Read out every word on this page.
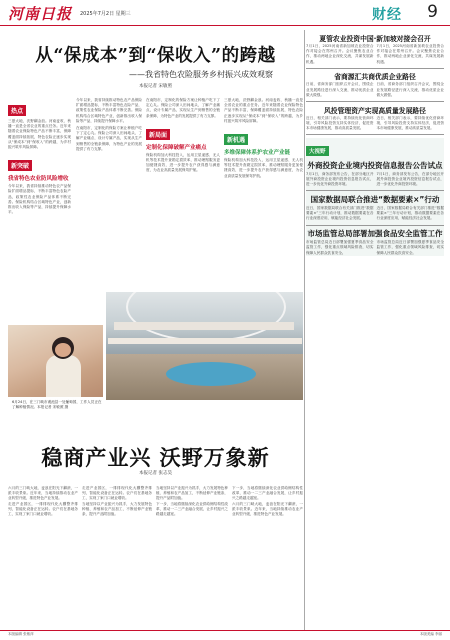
河南日报 2025年7月2日 星期三	财经 9
从“保成本”到“保收入”的跨越
——我省特色农险服务乡村振兴成效观察
本报记者 宋敏照
热点
三夏大地，沃野翻金浪。河南麦收、秋播一直是全省农业的重点任务。近年来随着农业保险特色产品不断丰富，保障覆盖面持续拓展，特色农险正逐步实现从“保成本”到“保收入”的跨越，为乡村振兴筑牢风险屏障。
新突破
我省特色农业防风险增收
今年以来，我省持续推动特色农产品保险扩面增品提标，不断丰富特色农险产品，政策性农业保险产品体系不断完善。保险机构结合区域特色产业，创新推出收入保险等产品，持续提升保障水平。
今年以来，我省持续推动特色农产品保险扩面增品提标，不断丰富特色农险产品，政策性农业保险产品体系不断完善。保险机构结合区域特色产业，创新推出收入保险等产品，持续提升保障水平。
在南阳市，定制化的保险方案让种植户吃下了定心丸。保险公司深入田间地头，了解产业痛点，设计专属产品，实现从生产到销售的全链条保障，为特色产业的发展提供了有力支撑。
在南阳市，定制化的保险方案让种植户吃下了定心丸。保险公司深入田间地头，了解产业痛点，设计专属产品，实现从生产到销售的全链条保障，为特色产业的发展提供了有力支撑。
新局面
定制化保障破解产业痛点
保险机构加大科技投入，运用卫星遥感、无人机等技术提升查勘定损效率，推动理赔服务更加便捷高效，进一步提升农户获得感与满意度，为农业高质量发展保驾护航。
三夏大地，沃野翻金浪。河南麦收、秋播一直是全省农业的重点任务。近年来随着农业保险特色产品不断丰富，保障覆盖面持续拓展，特色农险正逐步实现从“保成本”到“保收入”的跨越，为乡村振兴筑牢风险屏障。
新机遇
多维保障体系护农业产业链
保险机构加大科技投入，运用卫星遥感、无人机等技术提升查勘定损效率，推动理赔服务更加便捷高效，进一步提升农户获得感与满意度，为农业高质量发展保驾护航。
6月24日，在三门峡市渑池县一处葡萄园，工作人员正在了解种植情况。本报记者 宋敏照 摄
稳商产业兴 沃野万象新
本报记者 张志昊
六月的三门峡大地，麦浪在阳光下翻滚，一派丰收景象。近年来，当地持续推动农业产业转型升级，推进特色产业发展。
走进产业园区，一排排现代化大棚整齐排列，智能化设备正在运转。农户们在基地务工，实现了家门口就业增收。
走进产业园区，一排排现代化大棚整齐排列，智能化设备正在运转。农户们在基地务工，实现了家门口就业增收。
当地坚持以产业振兴为抓手，大力发展特色种植、养殖和农产品加工，不断延伸产业链条，提升产品附加值。
当地坚持以产业振兴为抓手，大力发展特色种植、养殖和农产品加工，不断延伸产业链条，提升产品附加值。
下一步，当地将继续深化农业供给侧结构性改革，推动一二三产业融合发展，让乡村振兴之路越走越宽。
下一步，当地将继续深化农业供给侧结构性改革，推动一二三产业融合发展，让乡村振兴之路越走越宽。
六月的三门峡大地，麦浪在阳光下翻滚，一派丰收景象。近年来，当地持续推动农业产业转型升级，推进特色产业发展。
夏管农业投资中国·新加坡对接会召开
7月1日，2025河南省新加坡农业投资合作对接会在郑州召开。会议聚焦农业合作，推动两地企业深化交流，共谋发展新机遇。
7月1日，2025河南省新加坡农业投资合作对接会在郑州召开。会议聚焦农业合作，推动两地企业深化交流，共谋发展新机遇。
省商源汇共商优质企业路径
日前，省商务部门组织召开会议，围绕企业发展路径进行深入交流，推动优质企业做大做强。
日前，省商务部门组织召开会议，围绕企业发展路径进行深入交流，推动优质企业做大做强。
风投管理资产实现高质量发展路径
近日，相关部门表示，要持续优化营商环境，引导风险投资支持实体经济，促进资本市场健康发展，推动高质量发展。
近日，相关部门表示，要持续优化营商环境，引导风险投资支持实体经济，促进资本市场健康发展，推动高质量发展。
大视野
外商投资企业境内投资信息报告公告试点
7月1日，商务部发布公告，在部分地区开展外商投资企业境内投资信息报告试点，进一步优化外商投资环境。
7月1日，商务部发布公告，在部分地区开展外商投资企业境内投资信息报告试点，进一步优化外商投资环境。
国家数据局联合推进“数据要素×”行动
近日，国家数据局联合有关部门推进“数据要素×”三年行动计划，推动数据要素在各行业深度应用，赋能经济社会发展。
近日，国家数据局联合有关部门推进“数据要素×”三年行动计划，推动数据要素在各行业深度应用，赋能经济社会发展。
市场监管总局部署加强食品安全监管工作
市场监管总局近日部署加强夏季食品安全监管工作，强化重点领域风险排查，切实保障人民群众饮食安全。
市场监管总局近日部署加强夏季食品安全监管工作，强化重点领域风险排查，切实保障人民群众饮食安全。
本版编辑 张敏萍	本版美编 李丽
